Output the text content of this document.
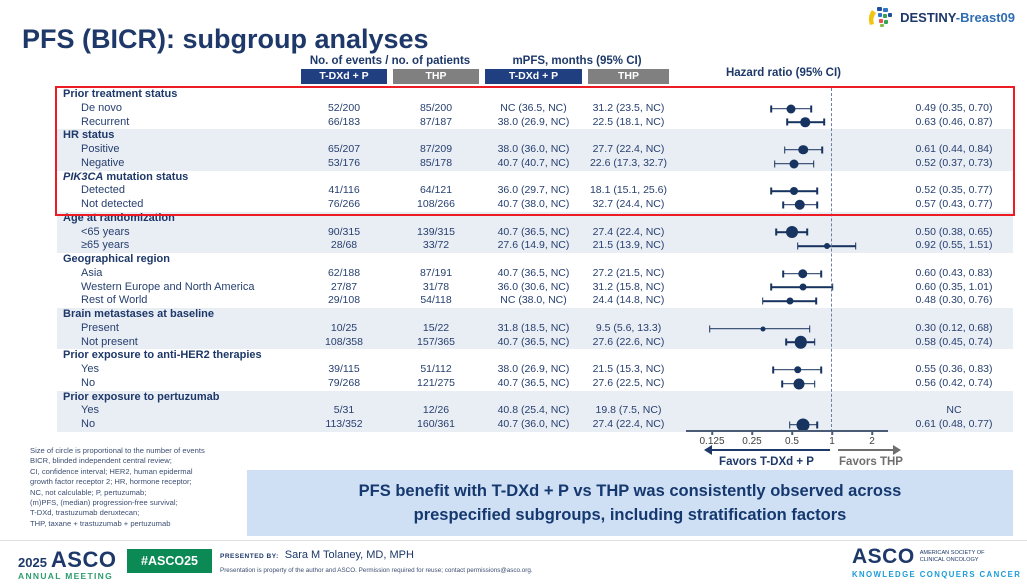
DESTINY-Breast09
PFS (BICR): subgroup analyses
No. of events / no. of patients	mPFS, months (95% CI)
Hazard ratio (95% CI)
T-DXd + P	THP	T-DXd + P	THP
Prior treatment status
De novo	52/200	85/200	NC (36.5, NC)	31.2 (23.5, NC)	0.49 (0.35, 0.70)
Recurrent	66/183	87/187	38.0 (26.9, NC)	22.5 (18.1, NC)	0.63 (0.46, 0.87)
HR status
Positive	65/207	87/209	38.0 (36.0, NC)	27.7 (22.4, NC)	0.61 (0.44, 0.84)
Negative	53/176	85/178	40.7 (40.7, NC)	22.6 (17.3, 32.7)	0.52 (0.37, 0.73)
PIK3CA mutation status
Detected	41/116	64/121	36.0 (29.7, NC)	18.1 (15.1, 25.6)	0.52 (0.35, 0.77)
Not detected	76/266	108/266	40.7 (38.0, NC)	32.7 (24.4, NC)	0.57 (0.43, 0.77)
Age at randomization
<65 years	90/315	139/315	40.7 (36.5, NC)	27.4 (22.4, NC)	0.50 (0.38, 0.65)
≥65 years	28/68	33/72	27.6 (14.9, NC)	21.5 (13.9, NC)	0.92 (0.55, 1.51)
Geographical region
Asia	62/188	87/191	40.7 (36.5, NC)	27.2 (21.5, NC)	0.60 (0.43, 0.83)
Western Europe and North America	27/87	31/78	36.0 (30.6, NC)	31.2 (15.8, NC)	0.60 (0.35, 1.01)
Rest of World	29/108	54/118	NC (38.0, NC)	24.4 (14.8, NC)	0.48 (0.30, 0.76)
Brain metastases at baseline
Present	10/25	15/22	31.8 (18.5, NC)	9.5 (5.6, 13.3)	0.30 (0.12, 0.68)
Not present	108/358	157/365	40.7 (36.5, NC)	27.6 (22.6, NC)	0.58 (0.45, 0.74)
Prior exposure to anti-HER2 therapies
Yes	39/115	51/112	38.0 (26.9, NC)	21.5 (15.3, NC)	0.55 (0.36, 0.83)
No	79/268	121/275	40.7 (36.5, NC)	27.6 (22.5, NC)	0.56 (0.42, 0.74)
Prior exposure to pertuzumab
Yes	5/31	12/26	40.8 (25.4, NC)	19.8 (7.5, NC)	NC
No	113/352	160/361	40.7 (36.0, NC)	27.4 (22.4, NC)	0.61 (0.48, 0.77)
0.125	0.25	0.5	1	2
Favors T-DXd + P	Favors THP
Size of circle is proportional to the number of events
BICR, blinded independent central review;
CI, confidence interval; HER2, human epidermal
growth factor receptor 2; HR, hormone receptor;
NC, not calculable; P, pertuzumab;
(m)PFS, (median) progression-free survival;
T-DXd, trastuzumab deruxtecan;
THP, taxane + trastuzumab + pertuzumab
PFS benefit with T-DXd + P vs THP was consistently observed across
prespecified subgroups, including stratification factors
2025 ASCO
ANNUAL MEETING
#ASCO25	PRESENTED BY: Sara M Tolaney, MD, MPH
Presentation is property of the author and ASCO. Permission required for reuse; contact permissions@asco.org.
ASCO AMERICAN SOCIETY OF
CLINICAL ONCOLOGY
KNOWLEDGE CONQUERS CANCER
